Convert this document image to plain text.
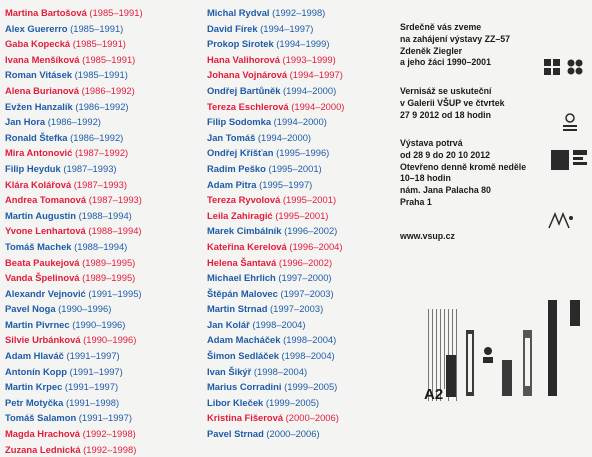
Martina Bartošová (1985–1991)
Alex Guererro (1985–1991)
Gaba Kopecká (1985–1991)
Ivana Menšíková (1985–1991)
Roman Vitásek (1985–1991)
Alena Burianová (1986–1992)
Evžen Hanzalík (1986–1992)
Jan Hora (1986–1992)
Ronald Štefka (1986–1992)
Mira Antonović (1987–1992)
Filip Heyduk (1987–1993)
Klára Kolářová (1987–1993)
Andrea Tomanová (1987–1993)
Martin Augustin (1988–1994)
Yvone Lenhartová (1988–1994)
Tomáš Machek (1988–1994)
Beata Paukejová (1989–1995)
Vanda Špelinová (1989–1995)
Alexandr Vejnović (1991–1995)
Pavel Noga (1990–1996)
Martin Pivrnec (1990–1996)
Silvie Urbánková (1990–1996)
Adam Hlaváč (1991–1997)
Antonín Kopp (1991–1997)
Martin Krpec (1991–1997)
Petr Motyčka (1991–1998)
Tomáš Salamon (1991–1997)
Magda Hrachová (1992–1998)
Zuzana Lednická (1992–1998)
Michal Rydval (1992–1998)
David Fírek (1994–1997)
Prokop Sirotek (1994–1999)
Hana Valihorová (1993–1999)
Johana Vojnárová (1994–1997)
Ondřej Bartůněk (1994–2000)
Tereza Eschlerová (1994–2000)
Filip Sodomka (1994–2000)
Jan Tomáš (1994–2000)
Ondřej Kříšťan (1995–1996)
Radim Peško (1995–2001)
Adam Pitra (1995–1997)
Tereza Ryvolová (1995–2001)
Leila Zahiragić (1995–2001)
Marek Cimbálník (1996–2002)
Kateřina Kerelová (1996–2004)
Helena Šantavá (1996–2002)
Michael Ehrlich (1997–2000)
Štěpán Malovec (1997–2003)
Martin Strnad (1997–2003)
Jan Kolář (1998–2004)
Adam Macháček (1998–2004)
Šimon Sedláček (1998–2004)
Ivan Šikýř (1998–2004)
Marius Corradini (1999–2005)
Libor Kleček (1999–2005)
Kristina Fišerová (2000–2006)
Pavel Strnad (2000–2006)
Srdečně vás zveme
na zahájení výstavy ZZ–57
Zdeněk Ziegler
a jeho žáci 1990–2001
Vernisáž se uskuteční
v Galerii VŠUP ve čtvrtek
27 9 2012 od 18 hodin
Výstava potrvá
od 28 9 do 20 10 2012
Otevřeno denně kromě neděle
10–18 hodin
nám. Jana Palacha 80
Praha 1
www.vsup.cz
A2
